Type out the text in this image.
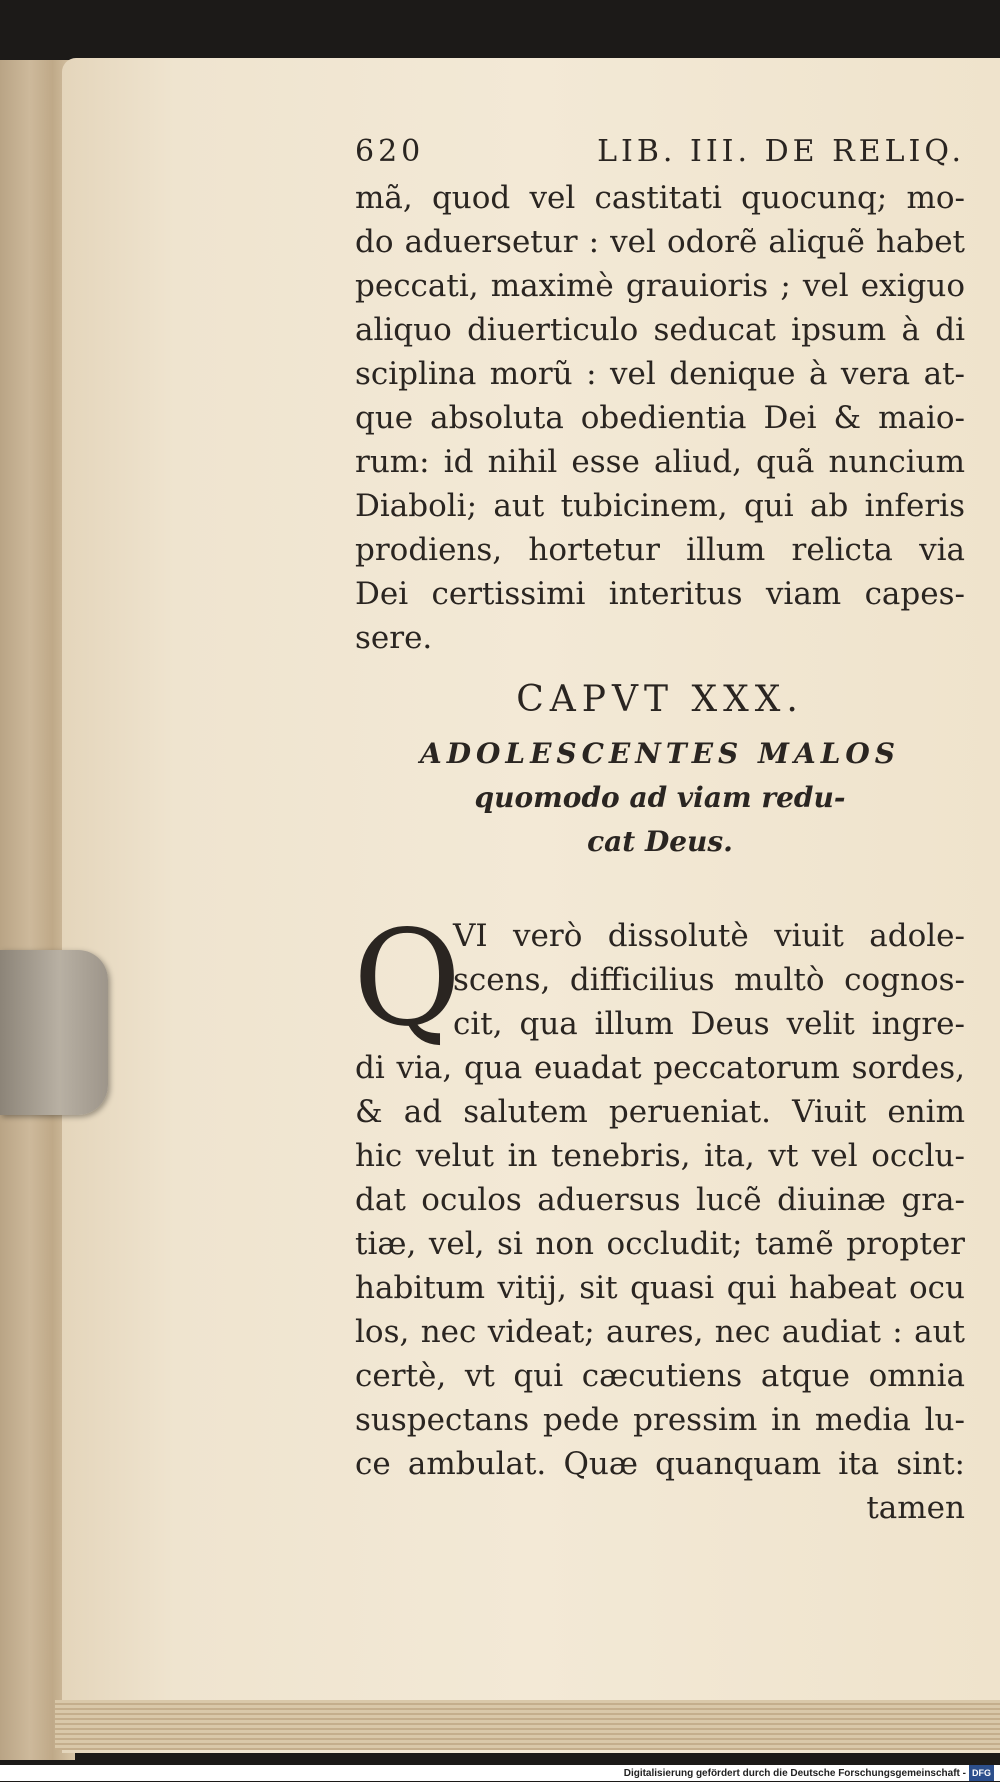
620	LIB. III. DE RELIQ.
mã, quod vel castitati quocunq; mo-
do aduersetur : vel odorẽ aliquẽ habet
peccati, maximè grauioris ; vel exiguo
aliquo diuerticulo seducat ipsum à di
sciplina morũ : vel denique à vera at-
que absoluta obedientia Dei & maio-
rum: id nihil esse aliud, quã nuncium
Diaboli; aut tubicinem, qui ab inferis
prodiens, hortetur illum relicta via
Dei certissimi interitus viam capes-
sere.
CAPVT XXX.
ADOLESCENTES MALOS
quomodo ad viam redu-
cat Deus.
Q
VI verò dissolutè viuit adole-
scens, difficilius multò cognos-
cit, qua illum Deus velit ingre-
di via, qua euadat peccatorum sordes,
& ad salutem perueniat. Viuit enim
hic velut in tenebris, ita, vt vel occlu-
dat oculos aduersus lucẽ diuinæ gra-
tiæ, vel, si non occludit; tamẽ propter
habitum vitij, sit quasi qui habeat ocu
los, nec videat; aures, nec audiat : aut
certè, vt qui cæcutiens atque omnia
suspectans pede pressim in media lu-
ce ambulat. Quæ quanquam ita sint:
tamen
Digitalisierung gefördert durch die Deutsche Forschungsgemeinschaft - DFG
